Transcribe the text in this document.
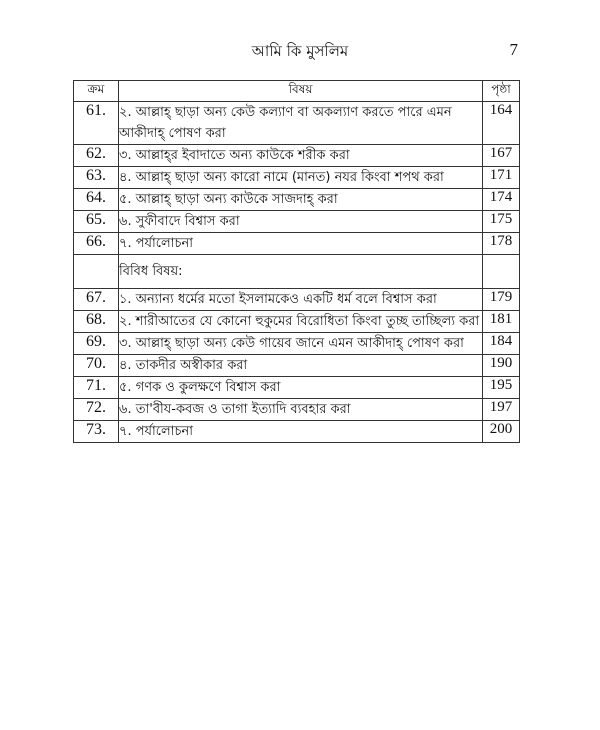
আমি কি মুসলিম	7
ক্রম	বিষয়	পৃষ্ঠা
61.	২. আল্লাহ্‌ ছাড়া অন্য কেউ কল্যাণ বা অকল্যাণ করতে পারে এমন আকীদাহ্‌ পোষণ করা	164
62.	৩. আল্লাহ্‌র ইবাদাতে অন্য কাউকে শরীক করা	167
63.	৪. আল্লাহ্‌ ছাড়া অন্য কারো নামে (মানত) নযর কিংবা শপথ করা	171
64.	৫. আল্লাহ্‌ ছাড়া অন্য কাউকে সাজদাহ্‌ করা	174
65.	৬. সুফীবাদে বিশ্বাস করা	175
66.	৭. পর্যালোচনা	178
	বিবিধ বিষয়:	
67.	১. অন্যান্য ধর্মের মতো ইসলামকেও একটি ধর্ম বলে বিশ্বাস করা	179
68.	২. শারীআতের যে কোনো হুকুমের বিরোধিতা কিংবা তুচ্ছ তাচ্ছিল্য করা	181
69.	৩. আল্লাহ্‌ ছাড়া অন্য কেউ গায়েব জানে এমন আকীদাহ্‌ পোষণ করা	184
70.	৪. তাকদীর অস্বীকার করা	190
71.	৫. গণক ও কুলক্ষণে বিশ্বাস করা	195
72.	৬. তা'বীয-কবজ ও তাগা ইত্যাদি ব্যবহার করা	197
73.	৭. পর্যালোচনা	200
